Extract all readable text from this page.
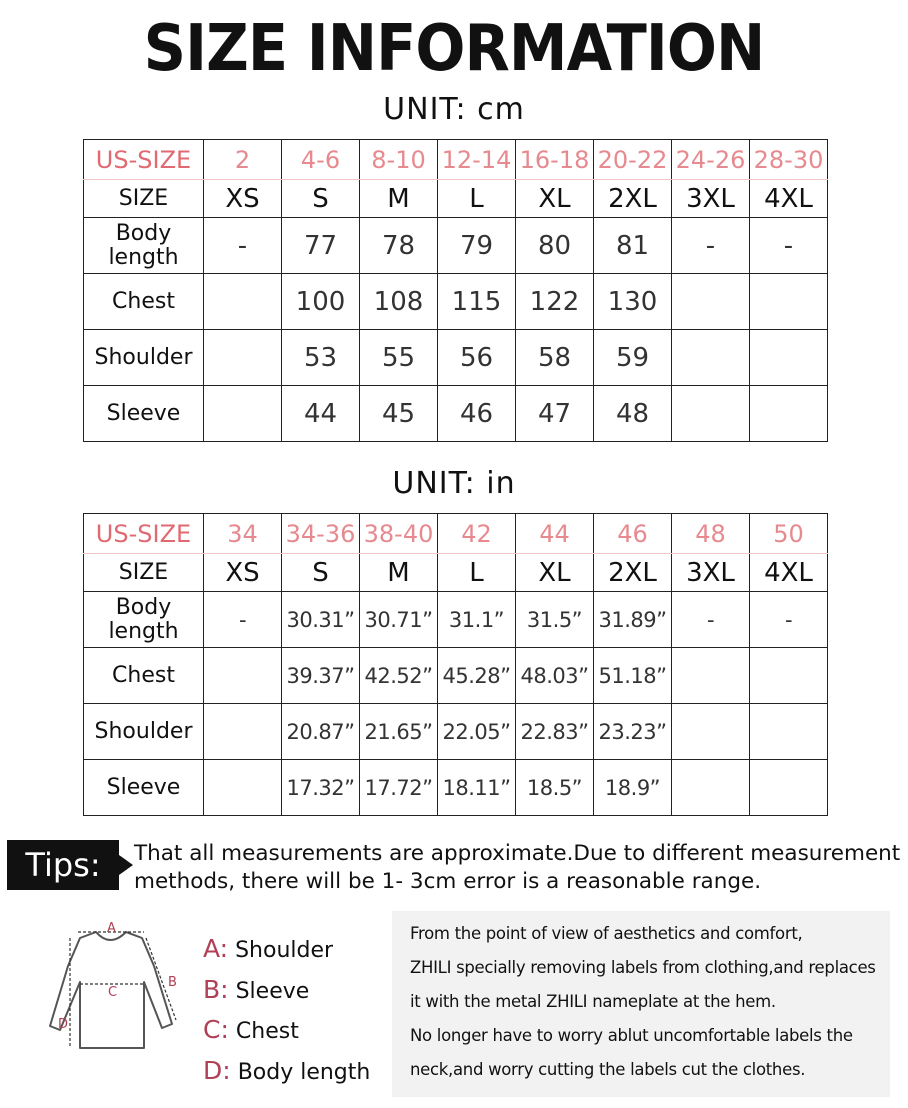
SIZE INFORMATION
UNIT: cm
US-SIZE	2	4-6	8-10	12-14	16-18	20-22	24-26	28-30
SIZE	XS	S	M	L	XL	2XL	3XL	4XL

Body
length	-	77	78	79	80	81	-	-

Chest		100	108	115	122	130		

Shoulder		53	55	56	58	59		

Sleeve		44	45	46	47	48		
UNIT: in
US-SIZE	34	34-36	38-40	42	44	46	48	50
SIZE	XS	S	M	L	XL	2XL	3XL	4XL

Body
length	-	30.31”	30.71”	31.1”	31.5”	31.89”	-	-

Chest		39.37”	42.52”	45.28”	48.03”	51.18”		

Shoulder		20.87”	21.65”	22.05”	22.83”	23.23”		

Sleeve		17.32”	17.72”	18.11”	18.5”	18.9”		
Tips:	That all measurements are approximate.Due to different measurement
methods, there will be 1- 3cm error is a reasonable range.
A
B
C
D
A: Shoulder
B: Sleeve
C: Chest
D: Body length

From the point of view of aesthetics and comfort,

ZHILI specially removing labels from clothing,and replaces

it with the metal ZHILI nameplate at the hem.

No longer have to worry ablut uncomfortable labels the

neck,and worry cutting the labels cut the clothes.
